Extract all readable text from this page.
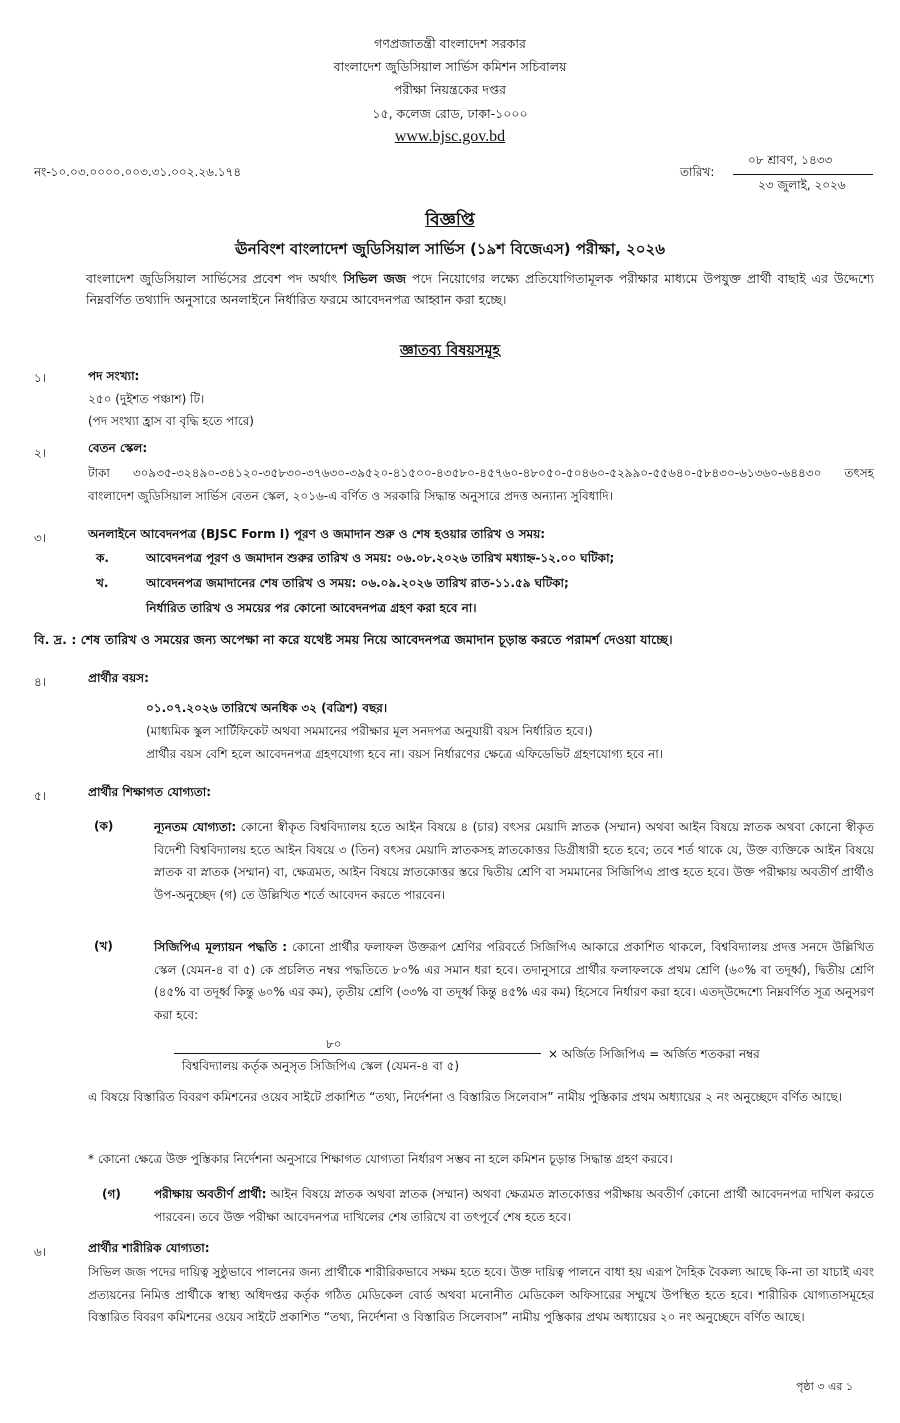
গণপ্রজাতন্ত্রী বাংলাদেশ সরকার
বাংলাদেশ জুডিসিয়াল সার্ভিস কমিশন সচিবালয়
পরীক্ষা নিয়ন্ত্রকের দপ্তর
১৫, কলেজ রোড, ঢাকা-১০০০
www.bjsc.gov.bd
নং-১০.০৩.০০০০.০০৩.৩১.০০২.২৬.১৭৪	তারিখ:
০৮ শ্রাবণ, ১৪৩৩
২৩ জুলাই, ২০২৬
বিজ্ঞপ্তি
ঊনবিংশ বাংলাদেশ জুডিসিয়াল সার্ভিস (১৯শ বিজেএস) পরীক্ষা, ২০২৬
বাংলাদেশ জুডিসিয়াল সার্ভিসের প্রবেশ পদ অর্থাৎ সিভিল জজ পদে নিয়োগের লক্ষ্যে প্রতিযোগিতামূলক পরীক্ষার মাধ্যমে উপযুক্ত প্রার্থী বাছাই এর উদ্দেশ্যে নিম্নবর্ণিত তথ্যাদি অনুসারে অনলাইনে নির্ধারিত ফরমে আবেদনপত্র আহ্বান করা হচ্ছে।
জ্ঞাতব্য বিষয়সমূহ
১।	পদ সংখ্যা:
২৫০ (দুইশত পঞ্চাশ) টি।
(পদ সংখ্যা হ্রাস বা বৃদ্ধি হতে পারে)
২।	বেতন স্কেল:
টাকা ৩০৯৩৫-৩২৪৯০-৩৪১২০-৩৫৮৩০-৩৭৬৩০-৩৯৫২০-৪১৫০০-৪৩৫৮০-৪৫৭৬০-৪৮০৫০-৫০৪৬০-৫২৯৯০-৫৫৬৪০-৫৮৪৩০-৬১৩৬০-৬৪৪৩০ তৎসহ বাংলাদেশ জুডিসিয়াল সার্ভিস বেতন স্কেল, ২০১৬-এ বর্ণিত ও সরকারি সিদ্ধান্ত অনুসারে প্রদত্ত অন্যান্য সুবিধাদি।
৩।	অনলাইনে আবেদনপত্র (BJSC Form I) পূরণ ও জমাদান শুরু ও শেষ হওয়ার তারিখ ও সময়:
ক.	আবেদনপত্র পূরণ ও জমাদান শুরুর তারিখ ও সময়: ০৬.০৮.২০২৬ তারিখ মধ্যাহ্ন-১২.০০ ঘটিকা;
খ.	আবেদনপত্র জমাদানের শেষ তারিখ ও সময়: ০৬.০৯.২০২৬ তারিখ রাত-১১.৫৯ ঘটিকা;
নির্ধারিত তারিখ ও সময়ের পর কোনো আবেদনপত্র গ্রহণ করা হবে না।
বি. দ্র. : শেষ তারিখ ও সময়ের জন্য অপেক্ষা না করে যথেষ্ট সময় নিয়ে আবেদনপত্র জমাদান চূড়ান্ত করতে পরামর্শ দেওয়া যাচ্ছে।
৪।	প্রার্থীর বয়স:
০১.০৭.২০২৬ তারিখে অনধিক ৩২ (বত্রিশ) বছর।
(মাধ্যমিক স্কুল সার্টিফিকেট অথবা সমমানের পরীক্ষার মূল সনদপত্র অনুযায়ী বয়স নির্ধারিত হবে।)
প্রার্থীর বয়স বেশি হলে আবেদনপত্র গ্রহণযোগ্য হবে না। বয়স নির্ধারণের ক্ষেত্রে এফিডেভিট গ্রহণযোগ্য হবে না।
৫।	প্রার্থীর শিক্ষাগত যোগ্যতা:
(ক)	ন্যূনতম যোগ্যতা: কোনো স্বীকৃত বিশ্ববিদ্যালয় হতে আইন বিষয়ে ৪ (চার) বৎসর মেয়াদি স্নাতক (সম্মান) অথবা আইন বিষয়ে স্নাতক অথবা কোনো স্বীকৃত বিদেশী বিশ্ববিদ্যালয় হতে আইন বিষয়ে ৩ (তিন) বৎসর মেয়াদি স্নাতকসহ স্নাতকোত্তর ডিগ্রীধারী হতে হবে; তবে শর্ত থাকে যে, উক্ত ব্যক্তিকে আইন বিষয়ে স্নাতক বা স্নাতক (সম্মান) বা, ক্ষেত্রমত, আইন বিষয়ে স্নাতকোত্তর স্তরে দ্বিতীয় শ্রেণি বা সমমানের সিজিপিএ প্রাপ্ত হতে হবে। উক্ত পরীক্ষায় অবতীর্ণ প্রার্থীও উপ-অনুচ্ছেদ (গ) তে উল্লিখিত শর্তে আবেদন করতে পারবেন।
(খ)	সিজিপিএ মূল্যায়ন পদ্ধতি : কোনো প্রার্থীর ফলাফল উক্তরূপ শ্রেণির পরিবর্তে সিজিপিএ আকারে প্রকাশিত থাকলে, বিশ্ববিদ্যালয় প্রদত্ত সনদে উল্লিখিত স্কেল (যেমন-৪ বা ৫) কে প্রচলিত নম্বর পদ্ধতিতে ৮০% এর সমান ধরা হবে। তদানুসারে প্রার্থীর ফলাফলকে প্রথম শ্রেণি (৬০% বা তদূর্ধ্ব), দ্বিতীয় শ্রেণি (৪৫% বা তদূর্ধ্ব কিন্তু ৬০% এর কম), তৃতীয় শ্রেণি (৩৩% বা তদূর্ধ্ব কিন্তু ৪৫% এর কম) হিসেবে নির্ধারণ করা হবে। এতদ্‌উদ্দেশ্যে নিম্নবর্ণিত সূত্র অনুসরণ করা হবে:
৮০
বিশ্ববিদ্যালয় কর্তৃক অনুসৃত সিজিপিএ স্কেল (যেমন-৪ বা ৫)
× অর্জিত সিজিপিএ = অর্জিত শতকরা নম্বর
এ বিষয়ে বিস্তারিত বিবরণ কমিশনের ওয়েব সাইটে প্রকাশিত “তথ্য, নির্দেশনা ও বিস্তারিত সিলেবাস” নামীয় পুস্তিকার প্রথম অধ্যায়ের ২ নং অনুচ্ছেদে বর্ণিত আছে।
* কোনো ক্ষেত্রে উক্ত পুস্তিকার নির্দেশনা অনুসারে শিক্ষাগত যোগ্যতা নির্ধারণ সম্ভব না হলে কমিশন চূড়ান্ত সিদ্ধান্ত গ্রহণ করবে।
(গ)	পরীক্ষায় অবতীর্ণ প্রার্থী: আইন বিষয়ে স্নাতক অথবা স্নাতক (সম্মান) অথবা ক্ষেত্রমত স্নাতকোত্তর পরীক্ষায় অবতীর্ণ কোনো প্রার্থী আবেদনপত্র দাখিল করতে পারবেন। তবে উক্ত পরীক্ষা আবেদনপত্র দাখিলের শেষ তারিখে বা তৎপূর্বে শেষ হতে হবে।
৬।	প্রার্থীর শারীরিক যোগ্যতা:
সিভিল জজ পদের দায়িত্ব সুষ্ঠুভাবে পালনের জন্য প্রার্থীকে শারীরিকভাবে সক্ষম হতে হবে। উক্ত দায়িত্ব পালনে বাধা হয় এরূপ দৈহিক বৈকল্য আছে কি-না তা যাচাই এবং প্রত্যয়নের নিমিত্ত প্রার্থীকে স্বাস্থ্য অধিদপ্তর কর্তৃক গঠিত মেডিকেল বোর্ড অথবা মনোনীত মেডিকেল অফিসারের সম্মুখে উপস্থিত হতে হবে। শারীরিক যোগ্যতাসমূহের বিস্তারিত বিবরণ কমিশনের ওয়েব সাইটে প্রকাশিত “তথ্য, নির্দেশনা ও বিস্তারিত সিলেবাস” নামীয় পুস্তিকার প্রথম অধ্যায়ের ২০ নং অনুচ্ছেদে বর্ণিত আছে।
পৃষ্ঠা ৩ এর ১
